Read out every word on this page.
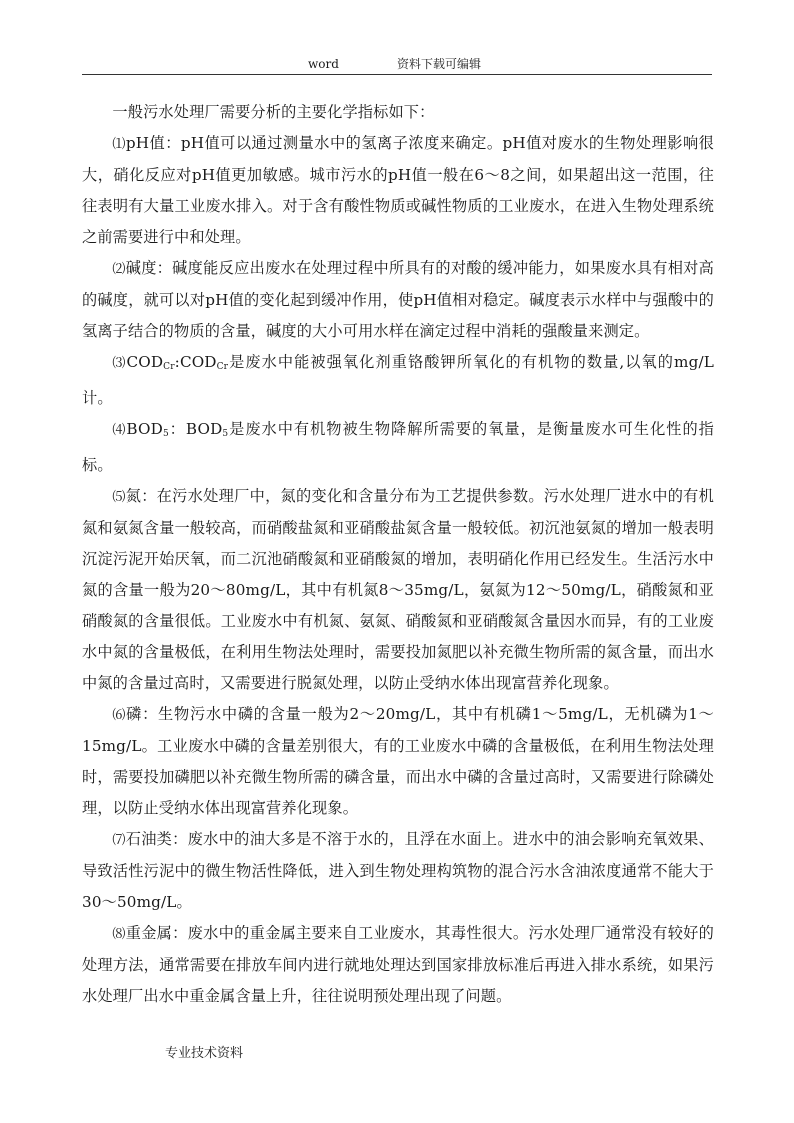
word	资料下载可编辑

一般污水处理厂需要分析的主要化学指标如下：

⑴pH值：pH值可以通过测量水中的氢离子浓度来确定。pH值对废水的生物处理影响很大，硝化反应对pH值更加敏感。城市污水的pH值一般在6～8之间，如果超出这一范围，往往表明有大量工业废水排入。对于含有酸性物质或碱性物质的工业废水，在进入生物处理系统之前需要进行中和处理。

⑵碱度：碱度能反应出废水在处理过程中所具有的对酸的缓冲能力，如果废水具有相对高的碱度，就可以对pH值的变化起到缓冲作用，使pH值相对稳定。碱度表示水样中与强酸中的氢离子结合的物质的含量，碱度的大小可用水样在滴定过程中消耗的强酸量来测定。

$⑶COD_{Cr}:COD_{Cr}$是废水中能被强氧化剂重铬酸钾所氧化的有机物的数量,以氧的mg/L计。

$⑷BOD_5$：$BOD_5$是废水中有机物被生物降解所需要的氧量，是衡量废水可生化性的指标。

⑸氮：在污水处理厂中，氮的变化和含量分布为工艺提供参数。污水处理厂进水中的有机氮和氨氮含量一般较高，而硝酸盐氮和亚硝酸盐氮含量一般较低。初沉池氨氮的增加一般表明沉淀污泥开始厌氧，而二沉池硝酸氮和亚硝酸氮的增加，表明硝化作用已经发生。生活污水中氮的含量一般为20～80mg/L，其中有机氮8～35mg/L，氨氮为12～50mg/L，硝酸氮和亚硝酸氮的含量很低。工业废水中有机氮、氨氮、硝酸氮和亚硝酸氮含量因水而异，有的工业废水中氮的含量极低，在利用生物法处理时，需要投加氮肥以补充微生物所需的氮含量，而出水中氮的含量过高时，又需要进行脱氮处理，以防止受纳水体出现富营养化现象。

⑹磷：生物污水中磷的含量一般为2～20mg/L，其中有机磷1～5mg/L，无机磷为1～15mg/L。工业废水中磷的含量差别很大，有的工业废水中磷的含量极低，在利用生物法处理时，需要投加磷肥以补充微生物所需的磷含量，而出水中磷的含量过高时，又需要进行除磷处理，以防止受纳水体出现富营养化现象。

⑺石油类：废水中的油大多是不溶于水的，且浮在水面上。进水中的油会影响充氧效果、导致活性污泥中的微生物活性降低，进入到生物处理构筑物的混合污水含油浓度通常不能大于30～50mg/L。

⑻重金属：废水中的重金属主要来自工业废水，其毒性很大。污水处理厂通常没有较好的处理方法，通常需要在排放车间内进行就地处理达到国家排放标准后再进入排水系统，如果污水处理厂出水中重金属含量上升，往往说明预处理出现了问题。

专业技术资料
